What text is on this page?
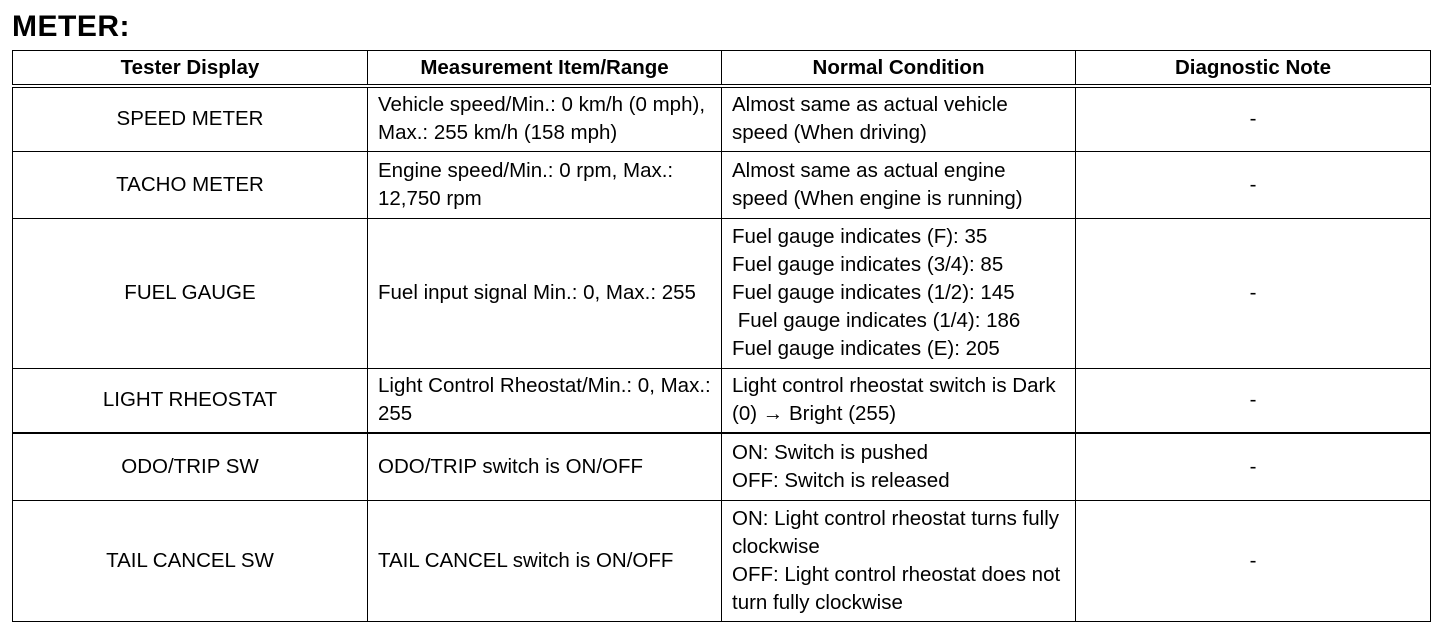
METER:
Tester Display	Measurement Item/Range	Normal Condition	Diagnostic Note
SPEED METER	Vehicle speed/Min.: 0 km/h (0 mph), Max.: 255 km/h (158 mph)	Almost same as actual vehicle speed (When driving)	-
TACHO METER	Engine speed/Min.: 0 rpm, Max.: 12,750 rpm	Almost same as actual engine speed (When engine is running)	-
FUEL GAUGE	Fuel input signal Min.: 0, Max.: 255	Fuel gauge indicates (F): 35
Fuel gauge indicates (3/4): 85
Fuel gauge indicates (1/2): 145
Fuel gauge indicates (1/4): 186
Fuel gauge indicates (E): 205	-
LIGHT RHEOSTAT	Light Control Rheostat/Min.: 0, Max.: 255	Light control rheostat switch is Dark (0) → Bright (255)	-
ODO/TRIP SW	ODO/TRIP switch is ON/OFF	ON: Switch is pushed
OFF: Switch is released	-
TAIL CANCEL SW	TAIL CANCEL switch is ON/OFF	ON: Light control rheostat turns fully clockwise
OFF: Light control rheostat does not turn fully clockwise	-
